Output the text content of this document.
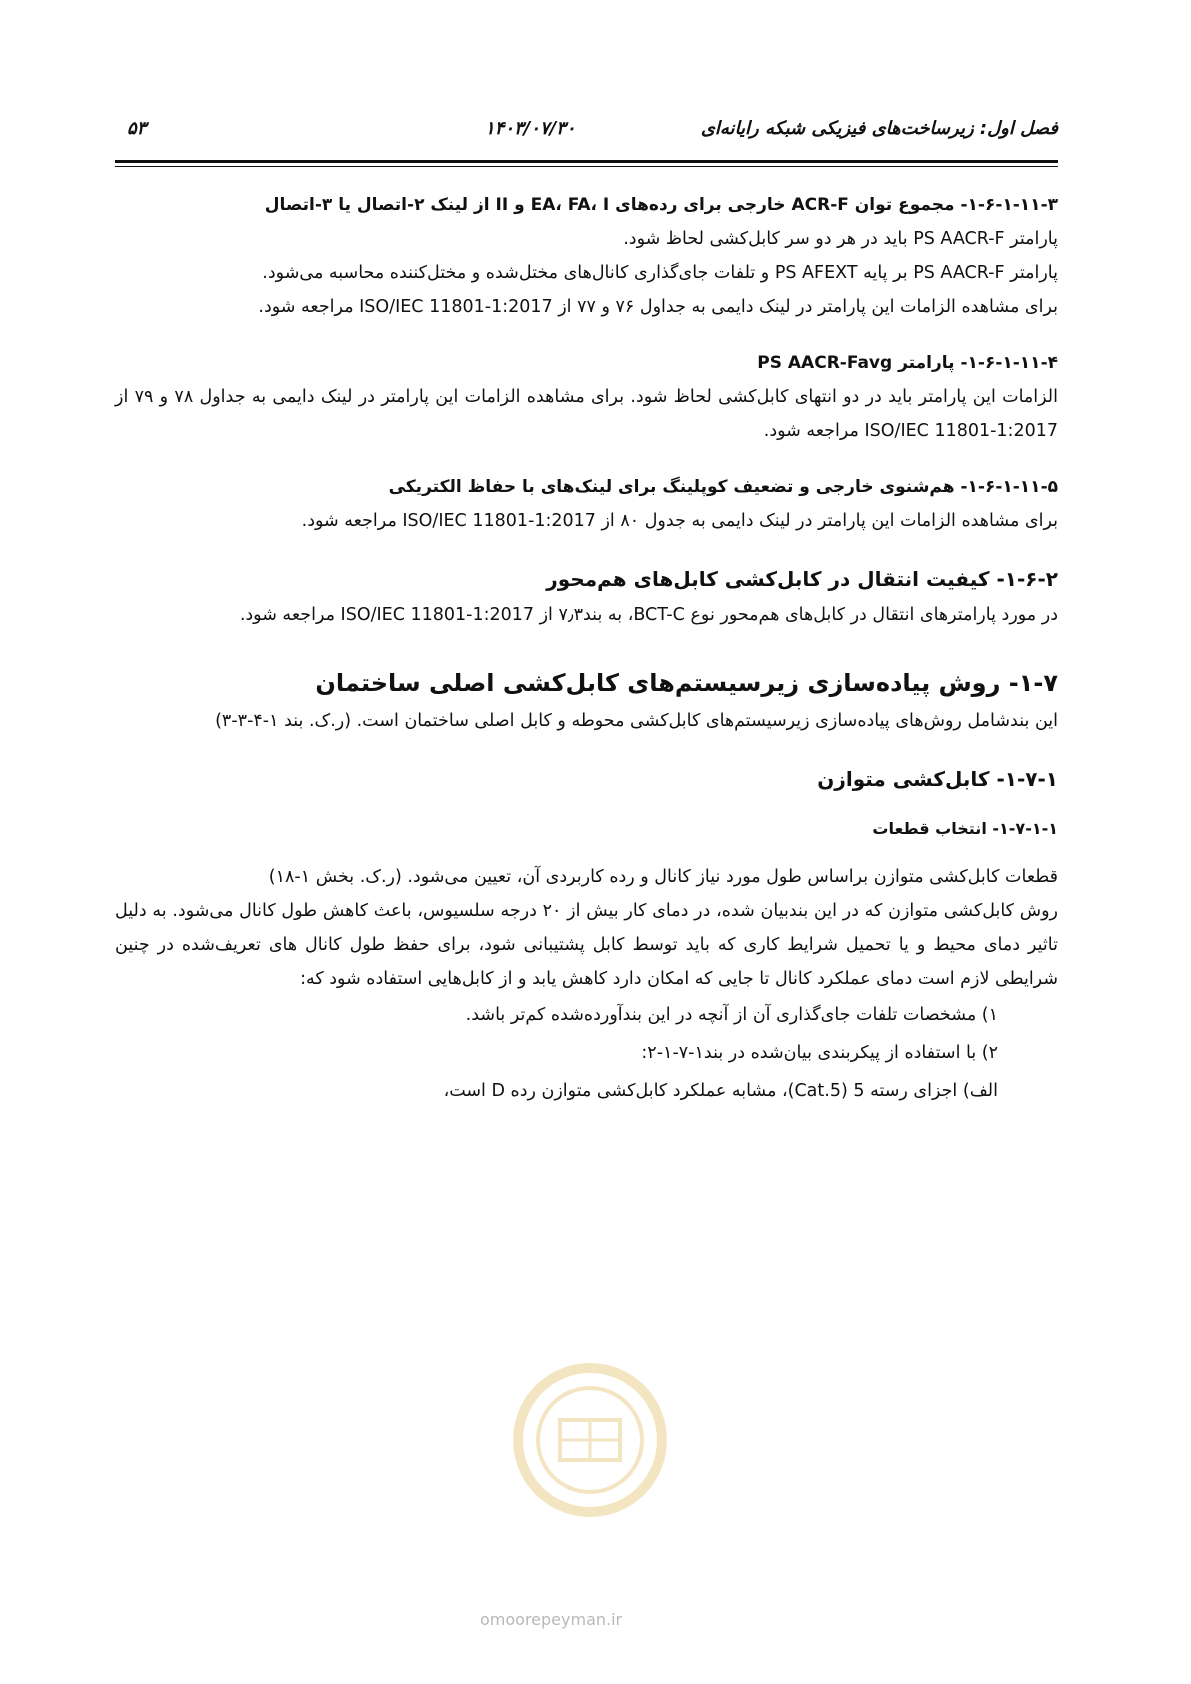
فصل اول: زیرساخت‌های فیزیکی شبکه رایانه‌ای
۱۴۰۳/۰۷/۳۰
۵۳

۱-۶-۱-۱۱-۳- مجموع توان ACR-F خارجی برای رده‌های EA، FA، I و II از لینک ۲-اتصال یا ۳-اتصال

پارامتر PS AACR-F باید در هر دو سر کابل‌کشی لحاظ شود.

پارامتر PS AACR-F بر پایه PS AFEXT و تلفات جای‌گذاری کانال‌های مختل‌شده و مختل‌کننده محاسبه می‌شود.

برای مشاهده الزامات این پارامتر در لینک دایمی به جداول ۷۶ و ۷۷ از ISO/IEC 11801-1:2017 مراجعه شود.

۱-۶-۱-۱۱-۴- پارامتر PS AACR-Favg

الزامات این پارامتر باید در دو انتهای کابل‌کشی لحاظ شود. برای مشاهده الزامات این پارامتر در لینک دایمی به جداول ۷۸ و ۷۹ از ISO/IEC 11801-1:2017 مراجعه شود.

۱-۶-۱-۱۱-۵- هم‌شنوی خارجی و تضعیف کوپلینگ برای لینک‌های با حفاظ الکتریکی

برای مشاهده الزامات این پارامتر در لینک دایمی به جدول ۸۰ از ISO/IEC 11801-1:2017 مراجعه شود.

۱-۶-۲- کیفیت انتقال در کابل‌کشی کابل‌های هم‌محور

در مورد پارامترهای انتقال در کابل‌های هم‌محور نوع BCT-C، به بند۷٫۳ از ISO/IEC 11801-1:2017 مراجعه شود.

۱-۷- روش پیاده‌سازی زیرسیستم‌های کابل‌کشی اصلی ساختمان

این بندشامل روش‌های پیاده‌سازی زیرسیستم‌های کابل‌کشی محوطه و کابل اصلی ساختمان است. (ر.ک. بند ۱-۴-۳-۳)

۱-۷-۱- کابل‌کشی متوازن

۱-۷-۱-۱- انتخاب قطعات

قطعات کابل‌کشی متوازن براساس طول مورد نیاز کانال و رده کاربردی آن، تعیین می‌شود. (ر.ک. بخش ۱-۱۸)

روش کابل‌کشی متوازن که در این بندبیان شده، در دمای کار بیش از ۲۰ درجه سلسیوس، باعث کاهش طول کانال می‌شود. به دلیل تاثیر دمای محیط و یا تحمیل شرایط کاری که باید توسط کابل پشتیبانی شود، برای حفظ طول کانال های تعریف‌شده در چنین شرایطی لازم است دمای عملکرد کانال تا جایی که امکان دارد کاهش یابد و از کابل‌هایی استفاده شود که:

۱) مشخصات تلفات جای‌گذاری آن از آنچه در این بندآورده‌شده کم‌تر باشد.

۲) با استفاده از پیکربندی بیان‌شده در بند۱-۷-۱-۲:

الف) اجزای رسته 5 (Cat.5)، مشابه عملکرد کابل‌کشی متوازن رده D است،

omoorepeyman.ir
